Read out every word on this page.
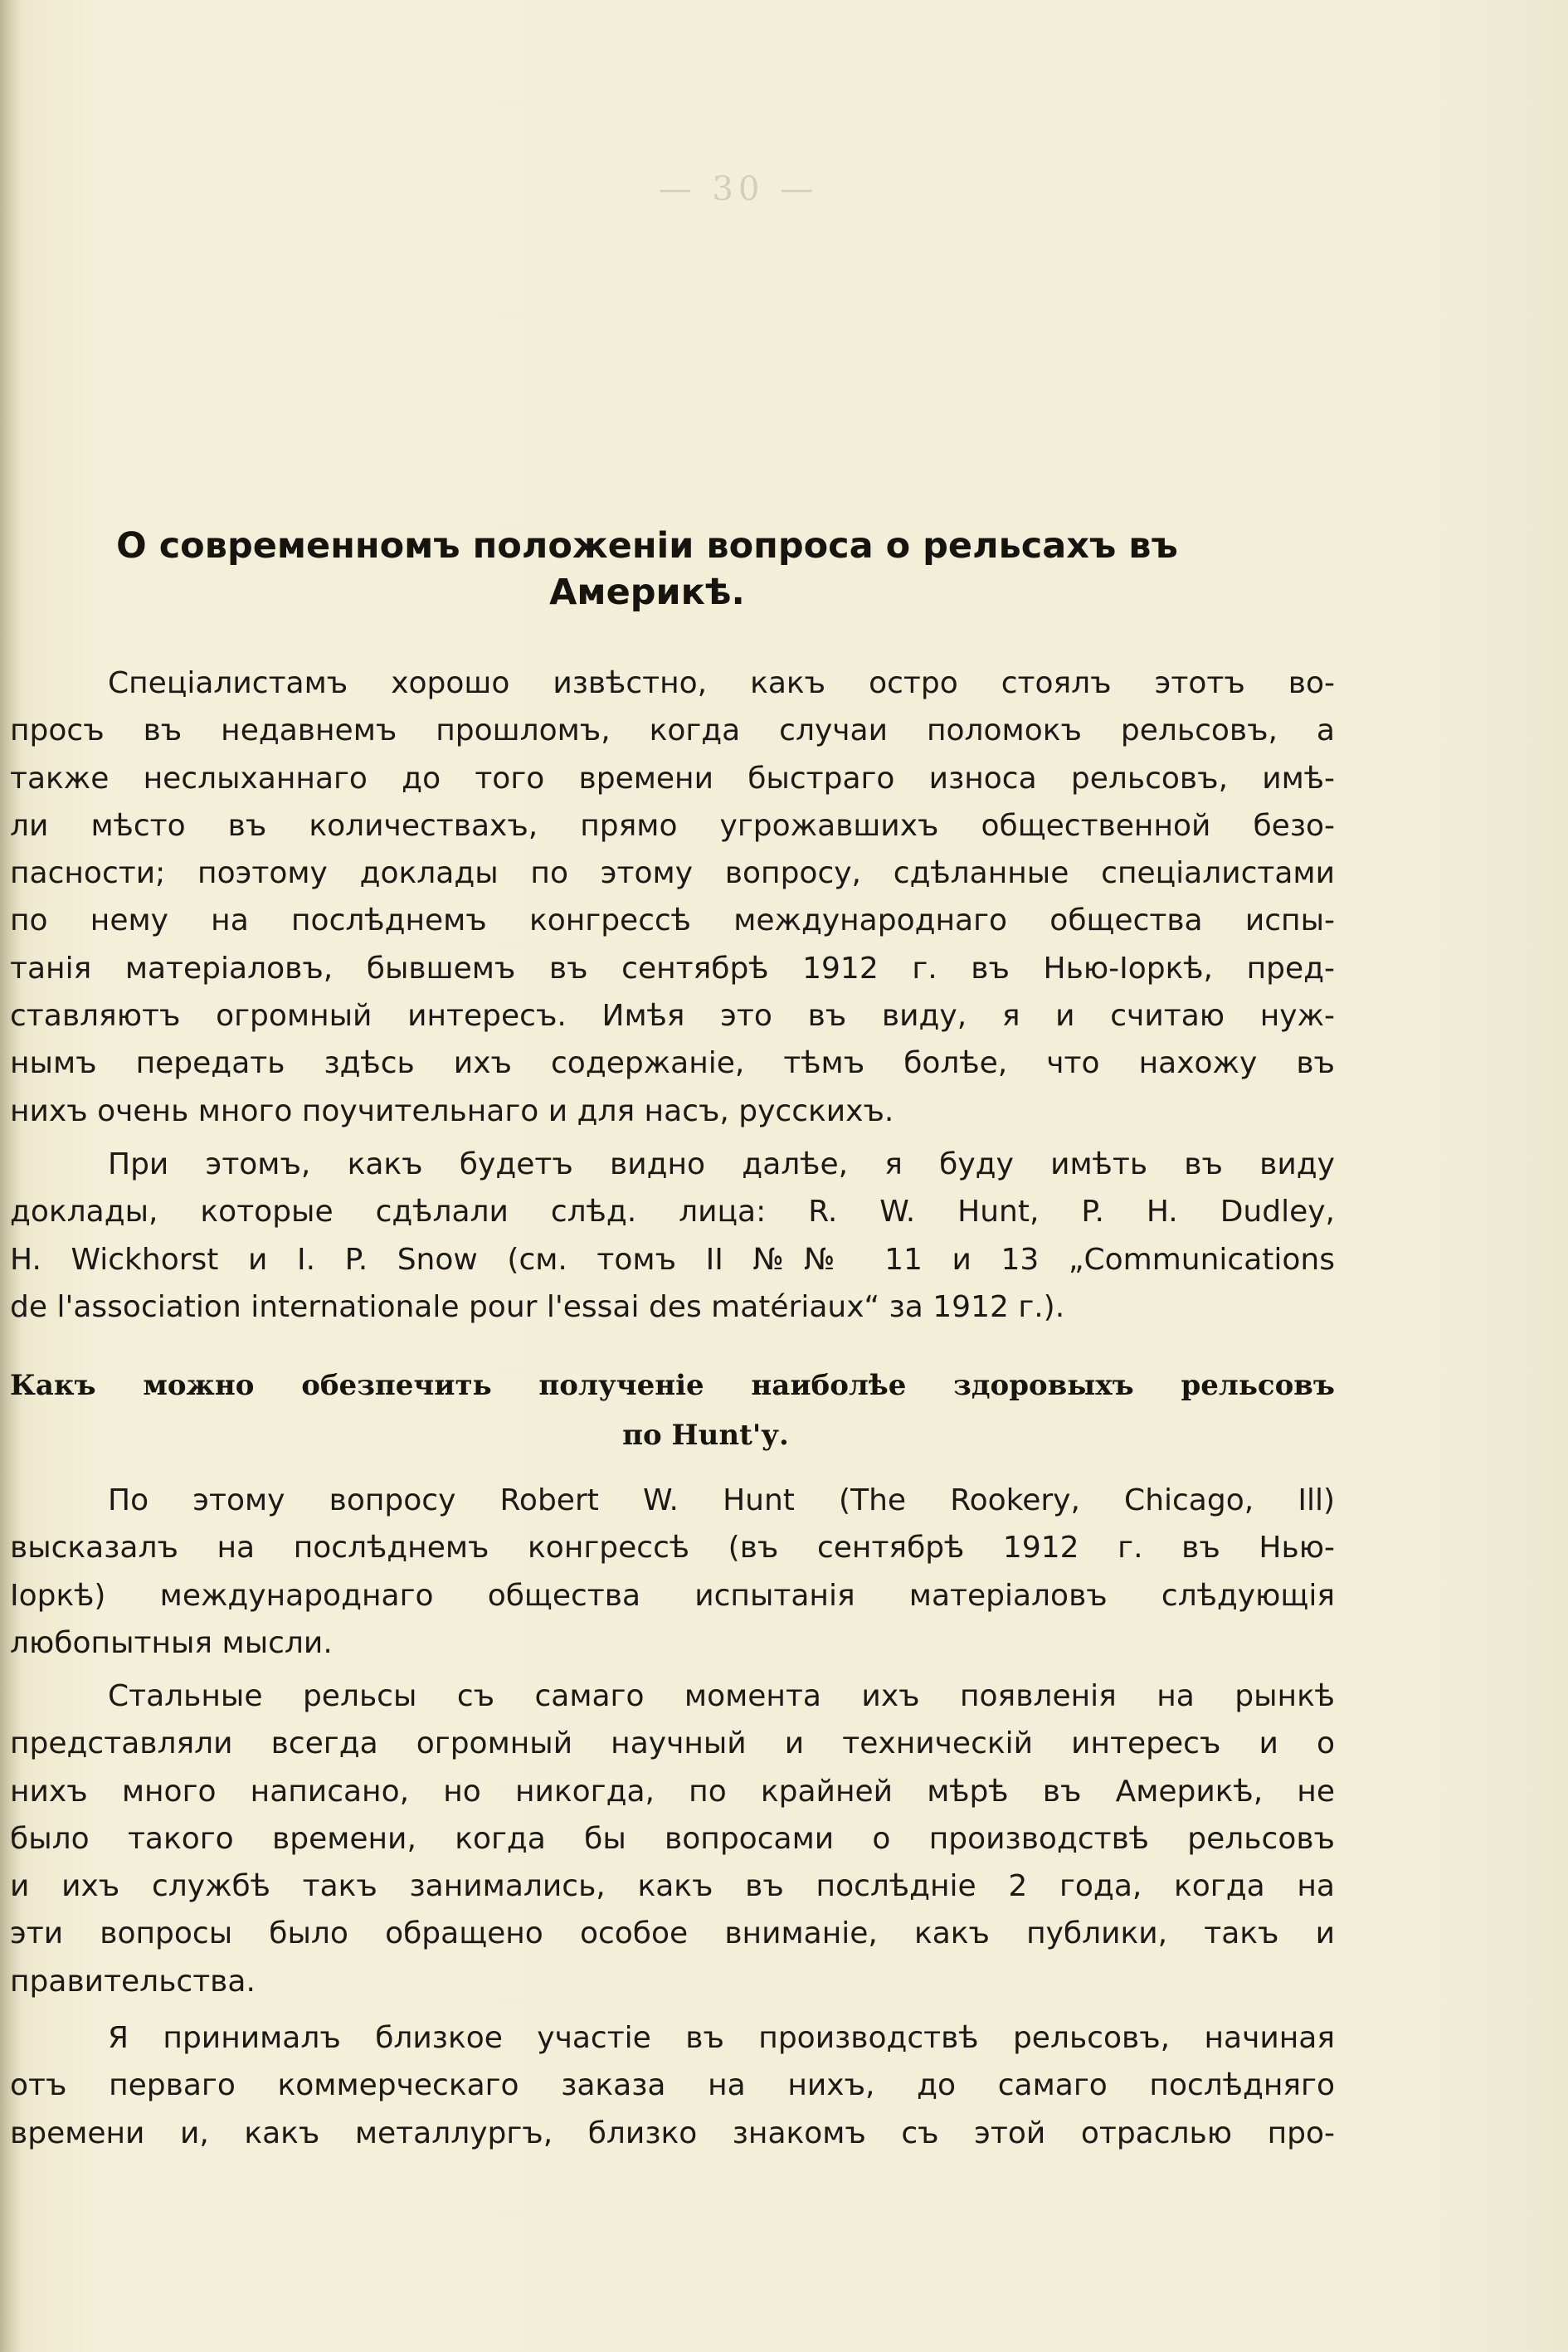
— 30 —
О современномъ положенiи вопроса о рельсахъ въ
Америкѣ.
Спецiалистамъ хорошо извѣстно, какъ остро стоялъ этотъ во-
просъ въ недавнемъ прошломъ, когда случаи поломокъ рельсовъ, а
также неслыханнаго до того времени быстраго износа рельсовъ, имѣ-
ли мѣсто въ количествахъ, прямо угрожавшихъ общественной безо-
пасности; поэтому доклады по этому вопросу, сдѣланные спецiалистами
по нему на послѣднемъ конгрессѣ международнаго общества испы-
танiя матерiаловъ, бывшемъ въ сентябрѣ 1912 г. въ Нью-Iоркѣ, пред-
ставляютъ огромный интересъ. Имѣя это въ виду, я и считаю нуж-
нымъ передать здѣсь ихъ содержанiе, тѣмъ болѣе, что нахожу въ
нихъ очень много поучительнаго и для насъ, русскихъ.
При этомъ, какъ будетъ видно далѣе, я буду имѣть въ виду
доклады, которые сдѣлали слѣд. лица: R. W. Hunt, P. H. Dudley,
H. Wickhorst и I. P. Snow (см. томъ II №№ 11 и 13 „Communications
de l'association internationale pour l'essai des matériaux“ за 1912 г.).
Какъ можно обезпечить полученiе наиболѣе здоровыхъ рельсовъ
по Hunt'у.
По этому вопросу Robert W. Hunt (The Rookery, Chicago, Ill)
высказалъ на послѣднемъ конгрессѣ (въ сентябрѣ 1912 г. въ Нью-
Iоркѣ) международнаго общества испытанiя матерiаловъ слѣдующiя
любопытныя мысли.
Стальные рельсы съ самаго момента ихъ появленiя на рынкѣ
представляли всегда огромный научный и техническiй интересъ и о
нихъ много написано, но никогда, по крайней мѣрѣ въ Америкѣ, не
было такого времени, когда бы вопросами о производствѣ рельсовъ
и ихъ службѣ такъ занимались, какъ въ послѣднiе 2 года, когда на
эти вопросы было обращено особое вниманiе, какъ публики, такъ и
правительства.
Я принималъ близкое участiе въ производствѣ рельсовъ, начиная
отъ перваго коммерческаго заказа на нихъ, до самаго послѣдняго
времени и, какъ металлургъ, близко знакомъ съ этой отраслью про-
